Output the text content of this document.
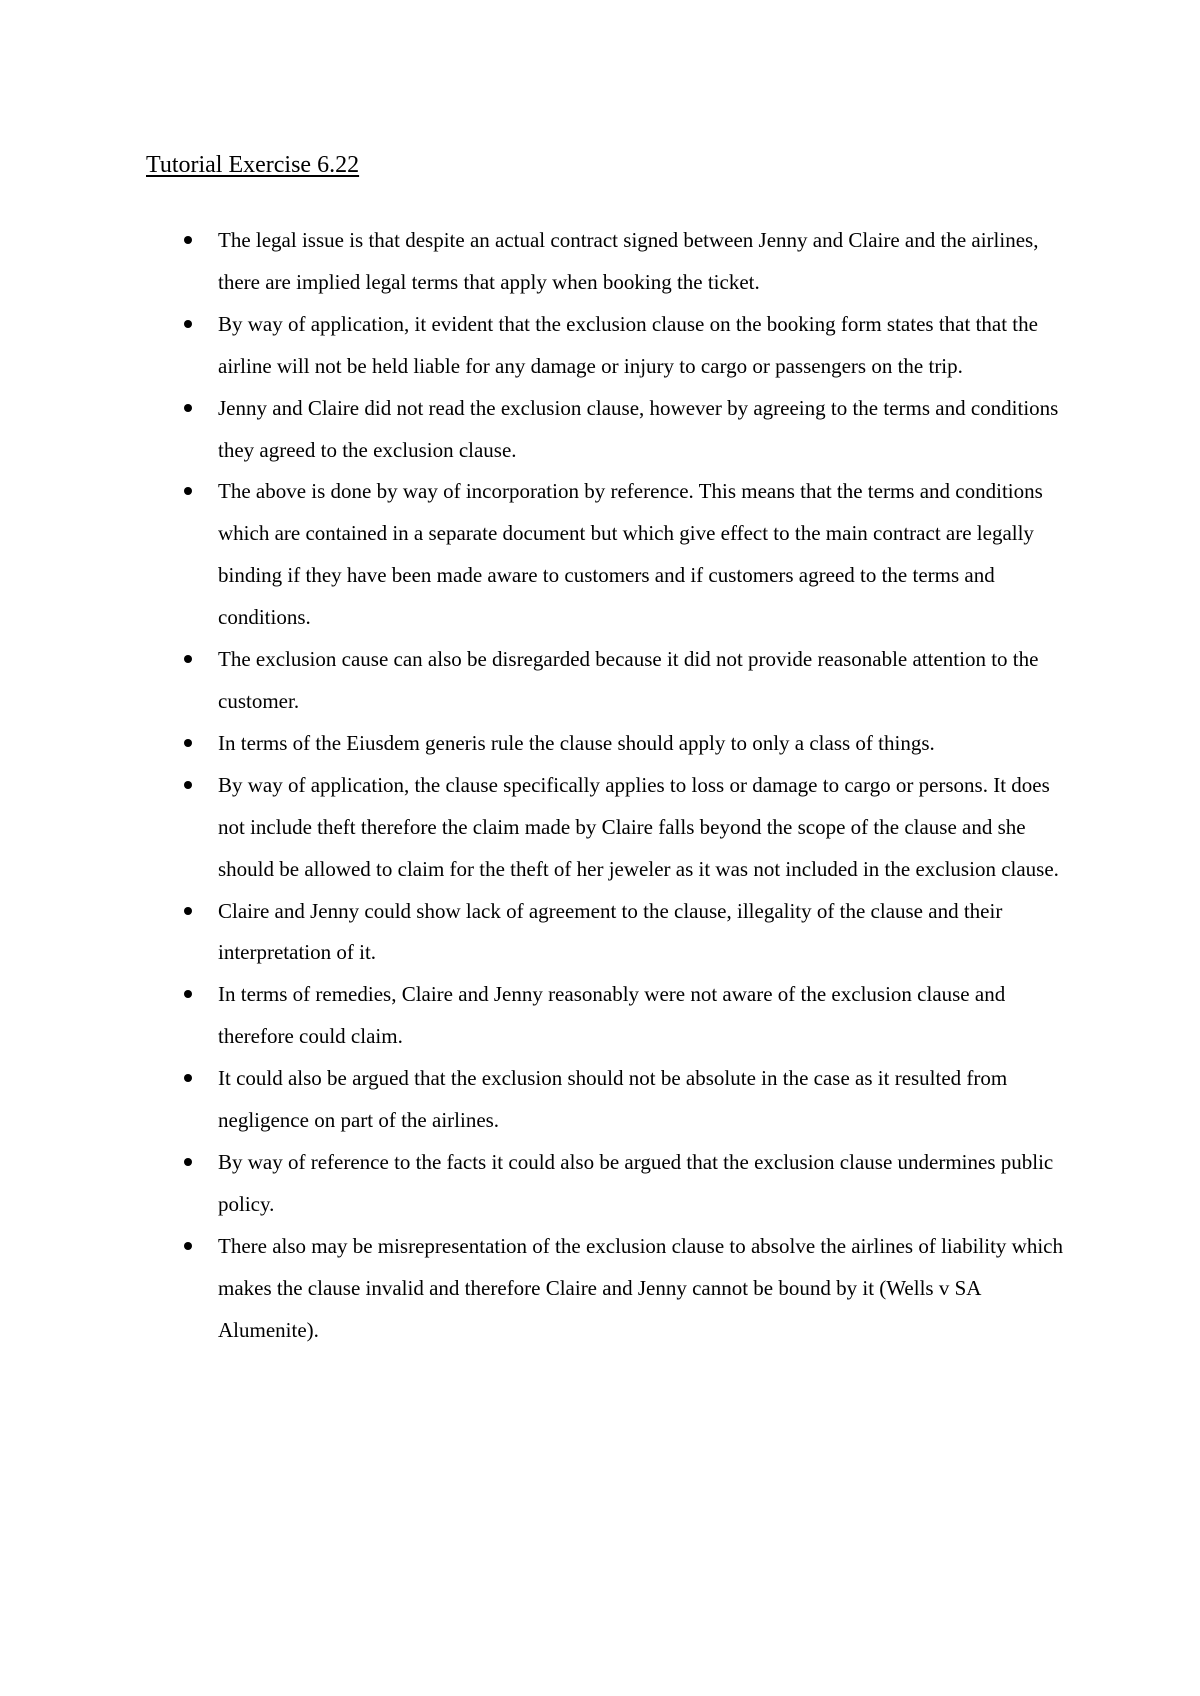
Tutorial Exercise 6.22
The legal issue is that despite an actual contract signed between Jenny and Claire and the airlines, there are implied legal terms that apply when booking the ticket.
By way of application, it evident that the exclusion clause on the booking form states that that the airline will not be held liable for any damage or injury to cargo or passengers on the trip.
Jenny and Claire did not read the exclusion clause, however by agreeing to the terms and conditions they agreed to the exclusion clause.
The above is done by way of incorporation by reference. This means that the terms and conditions which are contained in a separate document but which give effect to the main contract are legally binding if they have been made aware to customers and if customers agreed to the terms and conditions.
The exclusion cause can also be disregarded because it did not provide reasonable attention to the customer.
In terms of the Eiusdem generis rule the clause should apply to only a class of things.
By way of application, the clause specifically applies to loss or damage to cargo or persons. It does not include theft therefore the claim made by Claire falls beyond the scope of the clause and she should be allowed to claim for the theft of her jeweler as it was not included in the exclusion clause.
Claire and Jenny could show lack of agreement to the clause, illegality of the clause and their interpretation of it.
In terms of remedies, Claire and Jenny reasonably were not aware of the exclusion clause and therefore could claim.
It could also be argued that the exclusion should not be absolute in the case as it resulted from negligence on part of the airlines.
By way of reference to the facts it could also be argued that the exclusion clause undermines public policy.
There also may be misrepresentation of the exclusion clause to absolve the airlines of liability which makes the clause invalid and therefore Claire and Jenny cannot be bound by it (Wells v SA Alumenite).
